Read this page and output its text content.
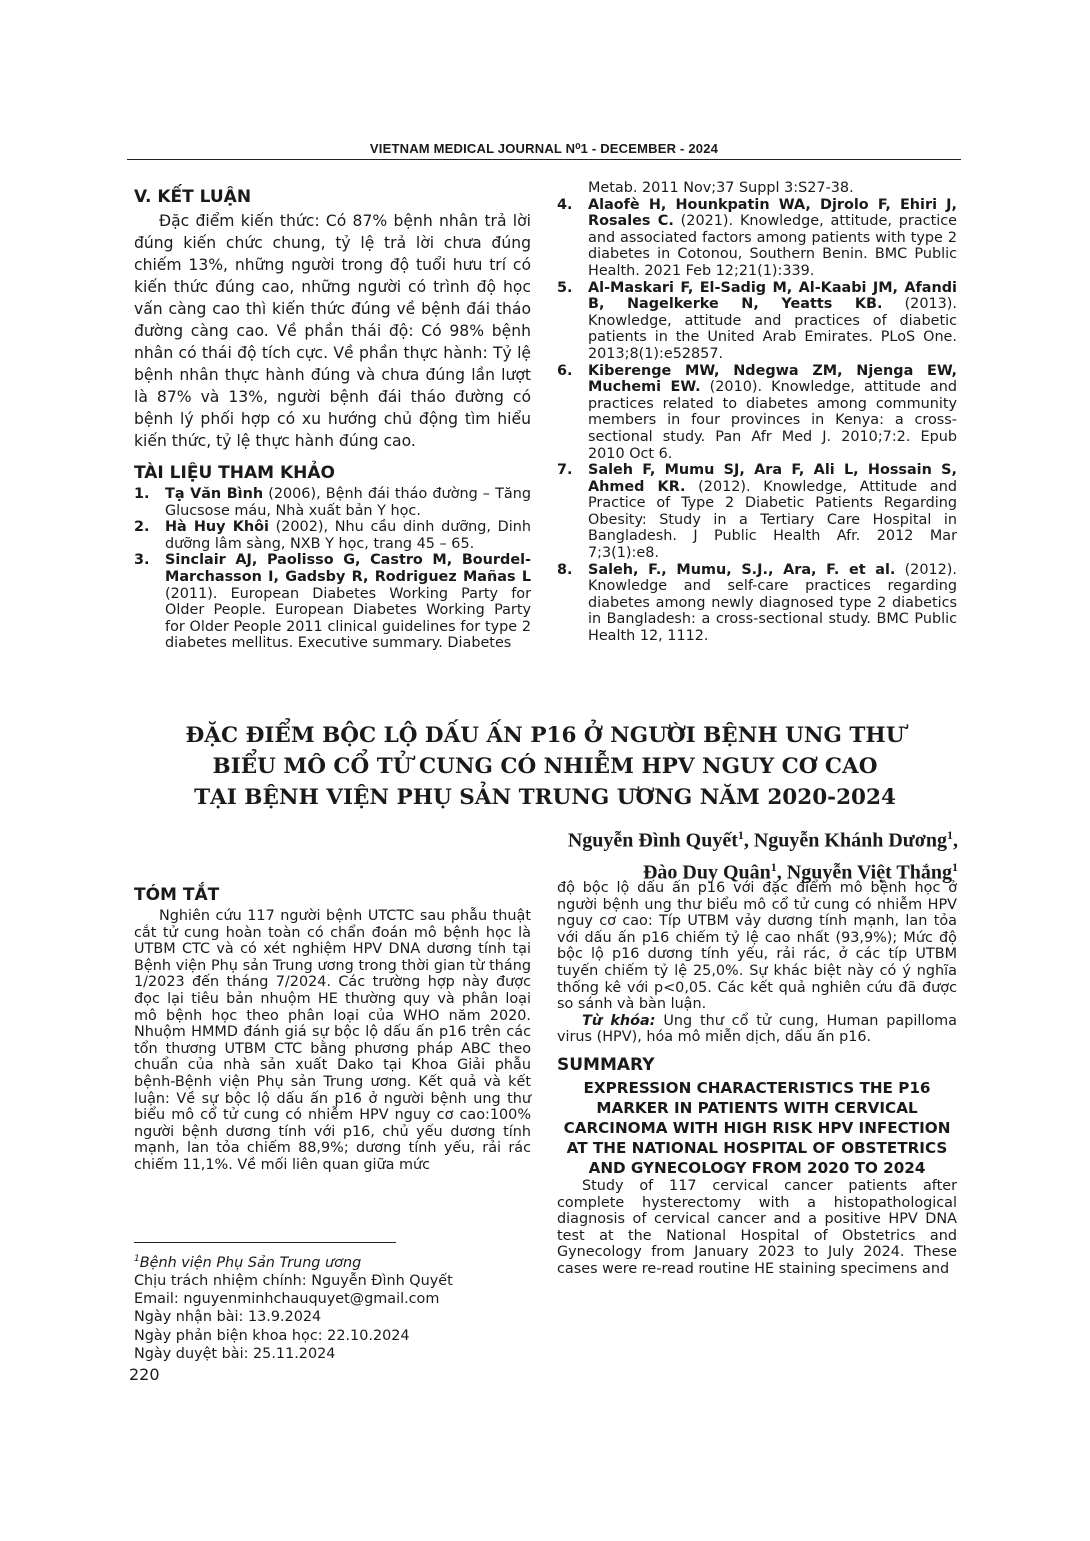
VIETNAM MEDICAL JOURNAL N⁰1 - DECEMBER - 2024
V. KẾT LUẬN

Đặc điểm kiến thức: Có 87% bệnh nhân trả lời đúng kiến chức chung, tỷ lệ trả lời chưa đúng chiếm 13%, những người trong độ tuổi hưu trí có kiến thức đúng cao, những người có trình độ học vấn càng cao thì kiến thức đúng về bệnh đái tháo đường càng cao. Về phần thái độ: Có 98% bệnh nhân có thái độ tích cực. Về phần thực hành: Tỷ lệ bệnh nhân thực hành đúng và chưa đúng lần lượt là 87% và 13%, người bệnh đái tháo đường có bệnh lý phối hợp có xu hướng chủ động tìm hiểu kiến thức, tỷ lệ thực hành đúng cao.

TÀI LIỆU THAM KHẢO
1. Tạ Văn Bình (2006), Bệnh đái tháo đường – Tăng Glucsose máu, Nhà xuất bản Y học.
2. Hà Huy Khôi (2002), Nhu cầu dinh dưỡng, Dinh dưỡng lâm sàng, NXB Y học, trang 45 – 65.
3. Sinclair AJ, Paolisso G, Castro M, Bourdel-Marchasson I, Gadsby R, Rodriguez Mañas L (2011). European Diabetes Working Party for Older People. European Diabetes Working Party for Older People 2011 clinical guidelines for type 2 diabetes mellitus. Executive summary. Diabetes
Metab. 2011 Nov;37 Suppl 3:S27-38.
4. Alaofè H, Hounkpatin WA, Djrolo F, Ehiri J, Rosales C. (2021). Knowledge, attitude, practice and associated factors among patients with type 2 diabetes in Cotonou, Southern Benin. BMC Public Health. 2021 Feb 12;21(1):339.
5. Al-Maskari F, El-Sadig M, Al-Kaabi JM, Afandi B, Nagelkerke N, Yeatts KB. (2013). Knowledge, attitude and practices of diabetic patients in the United Arab Emirates. PLoS One. 2013;8(1):e52857.
6. Kiberenge MW, Ndegwa ZM, Njenga EW, Muchemi EW. (2010). Knowledge, attitude and practices related to diabetes among community members in four provinces in Kenya: a cross-sectional study. Pan Afr Med J. 2010;7:2. Epub 2010 Oct 6.
7. Saleh F, Mumu SJ, Ara F, Ali L, Hossain S, Ahmed KR. (2012). Knowledge, Attitude and Practice of Type 2 Diabetic Patients Regarding Obesity: Study in a Tertiary Care Hospital in Bangladesh. J Public Health Afr. 2012 Mar 7;3(1):e8.
8. Saleh, F., Mumu, S.J., Ara, F. et al. (2012). Knowledge and self-care practices regarding diabetes among newly diagnosed type 2 diabetics in Bangladesh: a cross-sectional study. BMC Public Health 12, 1112.
ĐẶC ĐIỂM BỘC LỘ DẤU ẤN P16 Ở NGƯỜI BỆNH UNG THƯ
BIỂU MÔ CỔ TỬ CUNG CÓ NHIỄM HPV NGUY CƠ CAO
TẠI BỆNH VIỆN PHỤ SẢN TRUNG ƯƠNG NĂM 2020-2024
Nguyễn Đình Quyết$^1$, Nguyễn Khánh Dương$^1$,
Đào Duy Quân$^1$, Nguyễn Việt Thắng$^1$
TÓM TẮT

Nghiên cứu 117 người bệnh UTCTC sau phẫu thuật cắt tử cung hoàn toàn có chẩn đoán mô bệnh học là UTBM CTC và có xét nghiệm HPV DNA dương tính tại Bệnh viện Phụ sản Trung ương trong thời gian từ tháng 1/2023 đến tháng 7/2024. Các trường hợp này được đọc lại tiêu bản nhuộm HE thường quy và phân loại mô bệnh học theo phân loại của WHO năm 2020. Nhuộm HMMD đánh giá sự bộc lộ dấu ấn p16 trên các tổn thương UTBM CTC bằng phương pháp ABC theo chuẩn của nhà sản xuất Dako tại Khoa Giải phẫu bệnh-Bệnh viện Phụ sản Trung ương. Kết quả và kết luận: Về sự bộc lộ dấu ấn p16 ở người bệnh ung thư biểu mô cổ tử cung có nhiễm HPV nguy cơ cao:100% người bệnh dương tính với p16, chủ yếu dương tính mạnh, lan tỏa chiếm 88,9%; dương tính yếu, rải rác chiếm 11,1%. Về mối liên quan giữa mức

độ bộc lộ dấu ấn p16 với đặc điểm mô bệnh học ở người bệnh ung thư biểu mô cổ tử cung có nhiễm HPV nguy cơ cao: Típ UTBM vảy dương tính mạnh, lan tỏa với dấu ấn p16 chiếm tỷ lệ cao nhất (93,9%); Mức độ bộc lộ p16 dương tính yếu, rải rác, ở các típ UTBM tuyến chiếm tỷ lệ 25,0%. Sự khác biệt này có ý nghĩa thống kê với p<0,05. Các kết quả nghiên cứu đã được so sánh và bàn luận.

Từ khóa: Ung thư cổ tử cung, Human papilloma virus (HPV), hóa mô miễn dịch, dấu ấn p16.

SUMMARY
EXPRESSION CHARACTERISTICS THE P16 MARKER IN PATIENTS WITH CERVICAL CARCINOMA WITH HIGH RISK HPV INFECTION AT THE NATIONAL HOSPITAL OF OBSTETRICS AND GYNECOLOGY FROM 2020 TO 2024

Study of 117 cervical cancer patients after complete hysterectomy with a histopathological diagnosis of cervical cancer and a positive HPV DNA test at the National Hospital of Obstetrics and Gynecology from January 2023 to July 2024. These cases were re-read routine HE staining specimens and

$^1$Bệnh viện Phụ Sản Trung ương
Chịu trách nhiệm chính: Nguyễn Đình Quyết
Email: nguyenminhchauquyet@gmail.com
Ngày nhận bài: 13.9.2024
Ngày phản biện khoa học: 22.10.2024
Ngày duyệt bài: 25.11.2024
220
